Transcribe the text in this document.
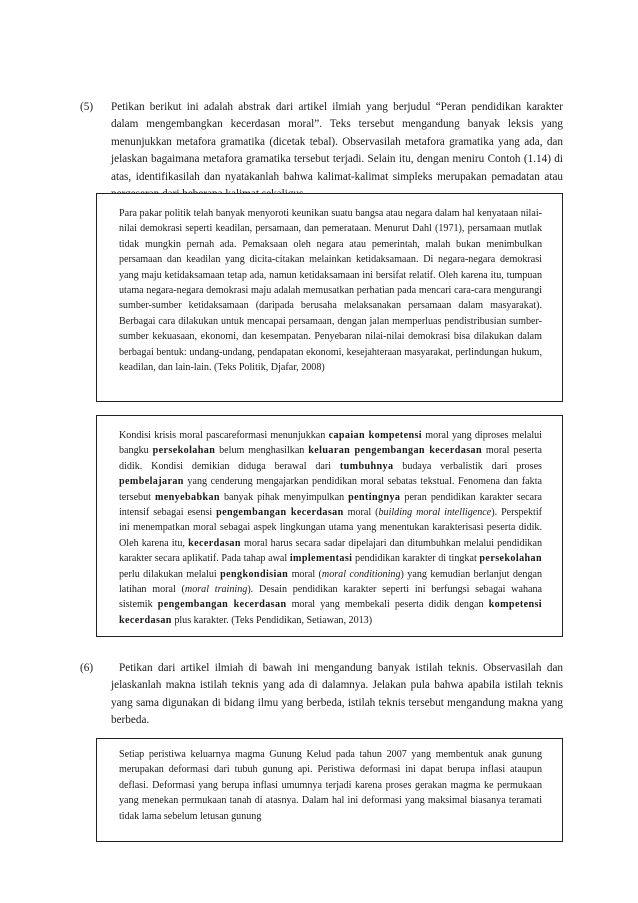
(5) Petikan berikut ini adalah abstrak dari artikel ilmiah yang berjudul “Peran pendidikan karakter dalam mengembangkan kecerdasan moral”. Teks tersebut mengandung banyak leksis yang menunjukkan metafora gramatika (dicetak tebal). Observasilah metafora gramatika yang ada, dan jelaskan bagaimana metafora gramatika tersebut terjadi. Selain itu, dengan meniru Contoh (1.14) di atas, identifikasilah dan nyatakanlah bahwa kalimat-kalimat simpleks merupakan pemadatan atau
Para pakar politik telah banyak menyoroti keunikan suatu bangsa atau negara dalam hal kenyataan nilai-nilai demokrasi seperti keadilan, persamaan, dan pemerataan. Menurut Dahl (1971), persamaan mutlak tidak mungkin pernah ada. Pemaksaan oleh negara atau pemerintah, malah bukan menimbulkan persamaan dan keadilan yang dicita-citakan melainkan ketidaksamaan. Di negara-negara demokrasi yang maju ketidaksamaan tetap ada, namun ketidaksamaan ini bersifat relatif. Oleh karena itu, tumpuan utama negara-negara demokrasi maju adalah memusatkan perhatian pada mencari cara-cara mengurangi sumber-sumber ketidaksamaan (daripada berusaha melaksanakan persamaan dalam masyarakat). Berbagai cara dilakukan untuk mencapai persamaan, dengan jalan memperluas pendistribusian sumber-sumber kekuasaan, ekonomi, dan kesempatan. Penyebaran nilai-nilai demokrasi bisa dilakukan dalam berbagai bentuk: undang-undang, pendapatan ekonomi, kesejahteraan masyarakat, perlindungan hukum, keadilan, dan lain-lain. (Teks Politik, Djafar, 2008)
Kondisi krisis moral pascareformasi menunjukkan capaian kompetensi moral yang diproses melalui bangku persekolahan belum menghasilkan keluaran pengembangan kecerdasan moral peserta didik. Kondisi demikian diduga berawal dari tumbuhnya budaya verbalistik dari proses pembelajaran yang cenderung mengajarkan pendidikan moral sebatas tekstual. Fenomena dan fakta tersebut menyebabkan banyak pihak menyimpulkan pentingnya peran pendidikan karakter secara intensif sebagai esensi pengembangan kecerdasan moral (building moral intelligence). Perspektif ini menempatkan moral sebagai aspek lingkungan utama yang menentukan karakterisasi peserta didik. Oleh karena itu, kecerdasan moral harus secara sadar dipelajari dan ditumbuhkan melalui pendidikan karakter secara aplikatif. Pada tahap awal implementasi pendidikan karakter di tingkat persekolahan perlu dilakukan melalui pengkondisian moral (moral conditioning) yang kemudian berlanjut dengan latihan moral (moral training). Desain pendidikan karakter seperti ini berfungsi sebagai wahana sistemik pengembangan kecerdasan moral yang membekali peserta didik dengan kompetensi kecerdasan plus karakter. (Teks Pendidikan, Setiawan, 2013)
(6)	Petikan dari artikel ilmiah di bawah ini mengandung banyak istilah teknis. Observasilah dan jelaskanlah makna istilah teknis yang ada di dalamnya. Jelakan pula bahwa apabila istilah teknis yang sama digunakan di bidang ilmu yang berbeda, istilah teknis tersebut mengandung makna yang berbeda.
Setiap peristiwa keluarnya magma Gunung Kelud pada tahun 2007 yang membentuk anak gunung merupakan deformasi dari tubuh gunung api. Peristiwa deformasi ini dapat berupa inflasi ataupun deflasi. Deformasi yang berupa inflasi umumnya terjadi karena proses gerakan magma ke permukaan yang menekan permukaan tanah di atasnya. Dalam hal ini deformasi yang maksimal biasanya teramati tidak lama sebelum letusan gunung
